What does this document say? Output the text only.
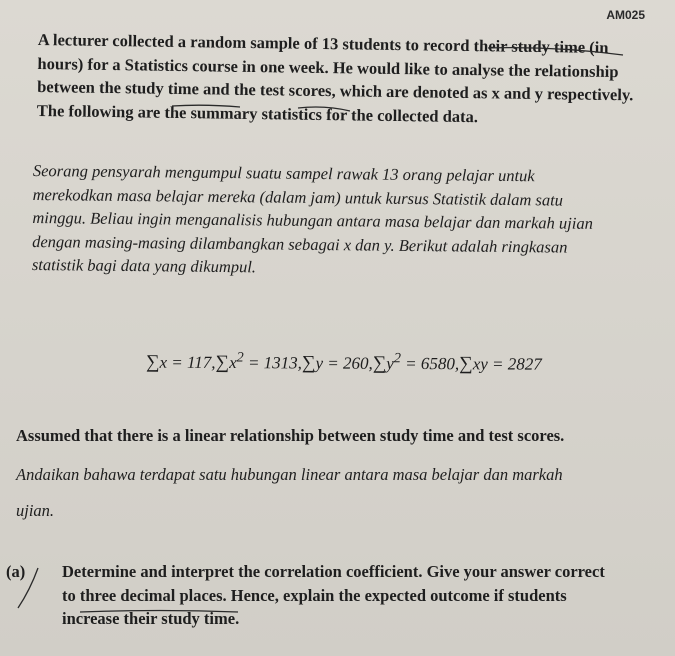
AM025
A lecturer collected a random sample of 13 students to record their study time (in
hours) for a Statistics course in one week. He would like to analyse the relationship
between the study time and the test scores, which are denoted as x and y respectively.
The following are the summary statistics for the collected data.
Seorang pensyarah mengumpul suatu sampel rawak 13 orang pelajar untuk
merekodkan masa belajar mereka (dalam jam) untuk kursus Statistik dalam satu
minggu. Beliau ingin menganalisis hubungan antara masa belajar dan markah ujian
dengan masing-masing dilambangkan sebagai x dan y. Berikut adalah ringkasan
statistik bagi data yang dikumpul.
$\sum x = 117,\sum x^2 = 1313,\sum y = 260,\sum y^2 = 6580,\sum xy = 2827$
Assumed that there is a linear relationship between study time and test scores.
Andaikan bahawa terdapat satu hubungan linear antara masa belajar dan markah
ujian.
(a) Determine and interpret the correlation coefficient. Give your answer correct
to three decimal places. Hence, explain the expected outcome if students
increase their study time.
